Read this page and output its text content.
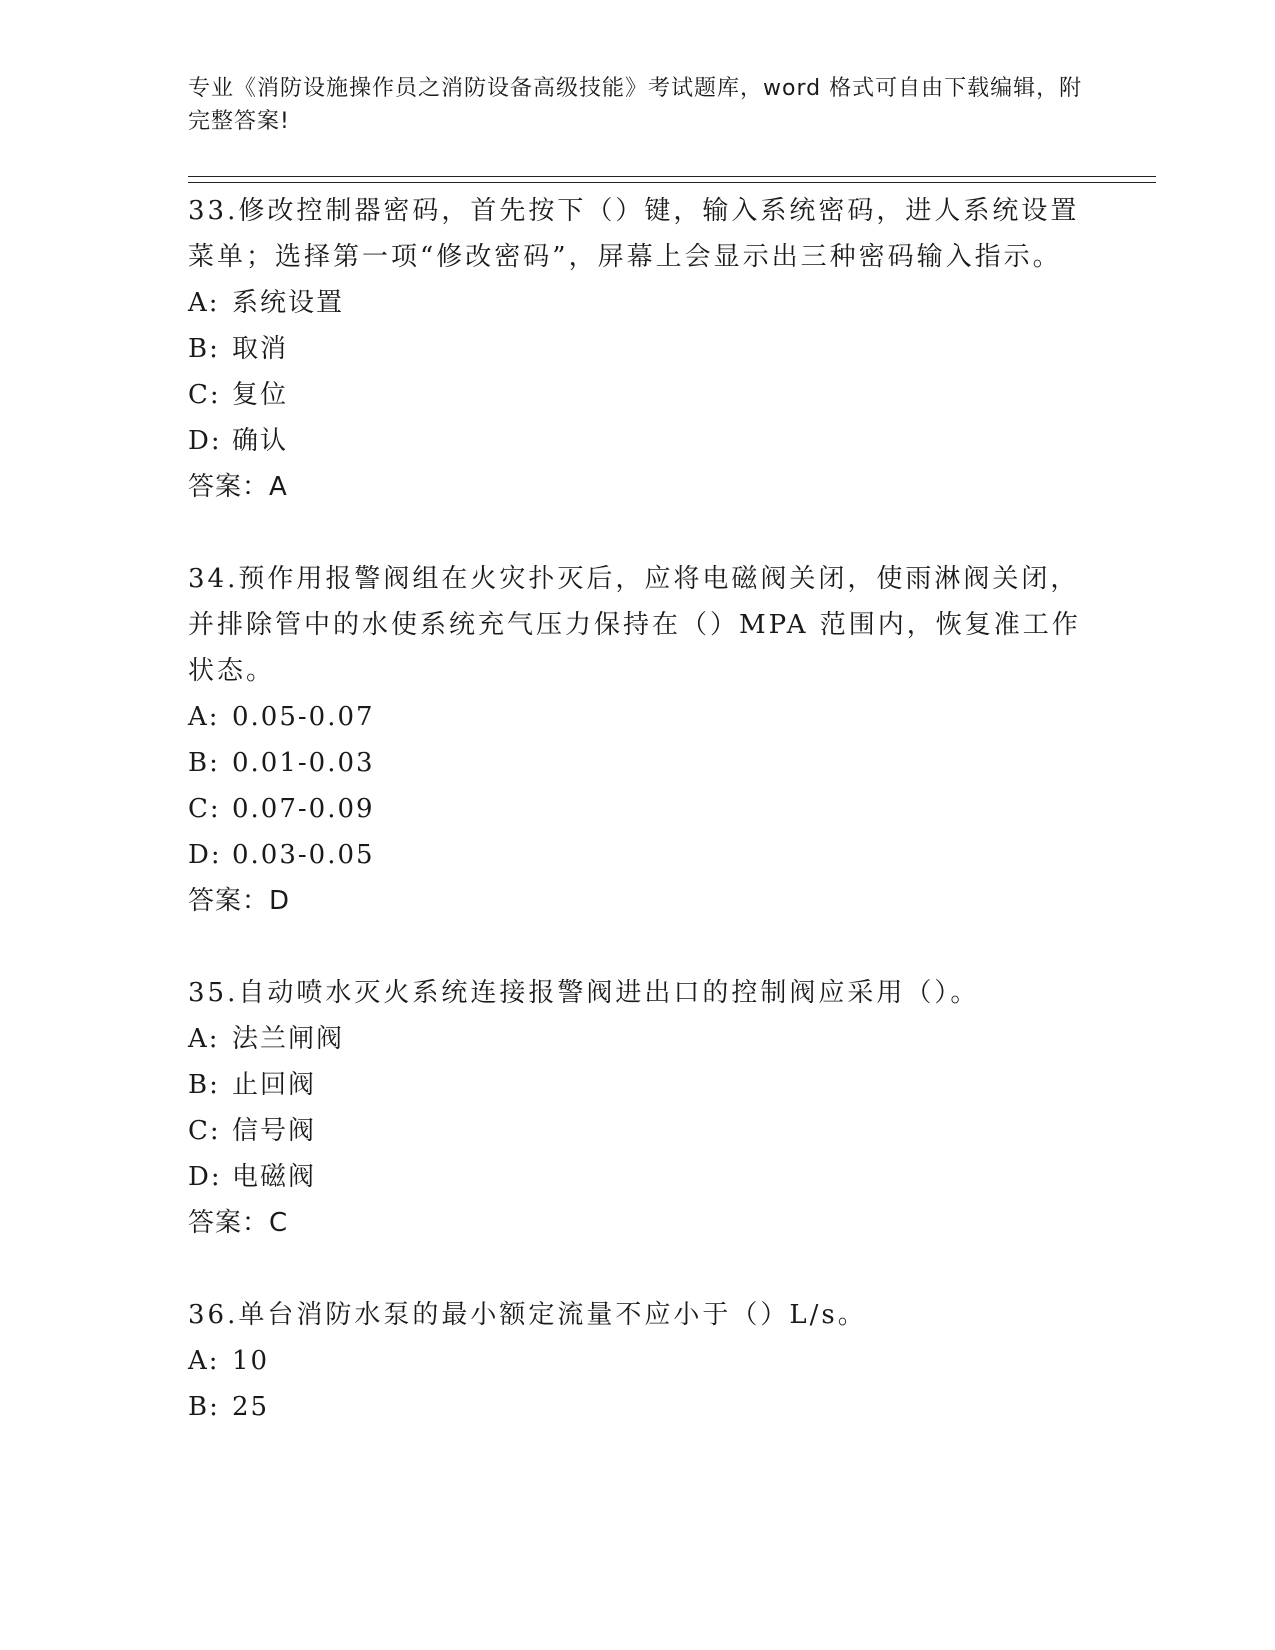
专业《消防设施操作员之消防设备高级技能》考试题库，word 格式可自由下载编辑，附完整答案!

33.修改控制器密码，首先按下（）键，输入系统密码，进人系统设置菜单；选择第一项“修改密码”，屏幕上会显示出三种密码输入指示。

A: 系统设置

B: 取消

C: 复位

D: 确认

答案：A

34.预作用报警阀组在火灾扑灭后，应将电磁阀关闭，使雨淋阀关闭，并排除管中的水使系统充气压力保持在（）MPA 范围内，恢复准工作状态。

A: 0.05-0.07

B: 0.01-0.03

C: 0.07-0.09

D: 0.03-0.05

答案：D

35.自动喷水灭火系统连接报警阀进出口的控制阀应采用（）。

A: 法兰闸阀

B: 止回阀

C: 信号阀

D: 电磁阀

答案：C

36.单台消防水泵的最小额定流量不应小于（）L/s。

A: 10

B: 25
